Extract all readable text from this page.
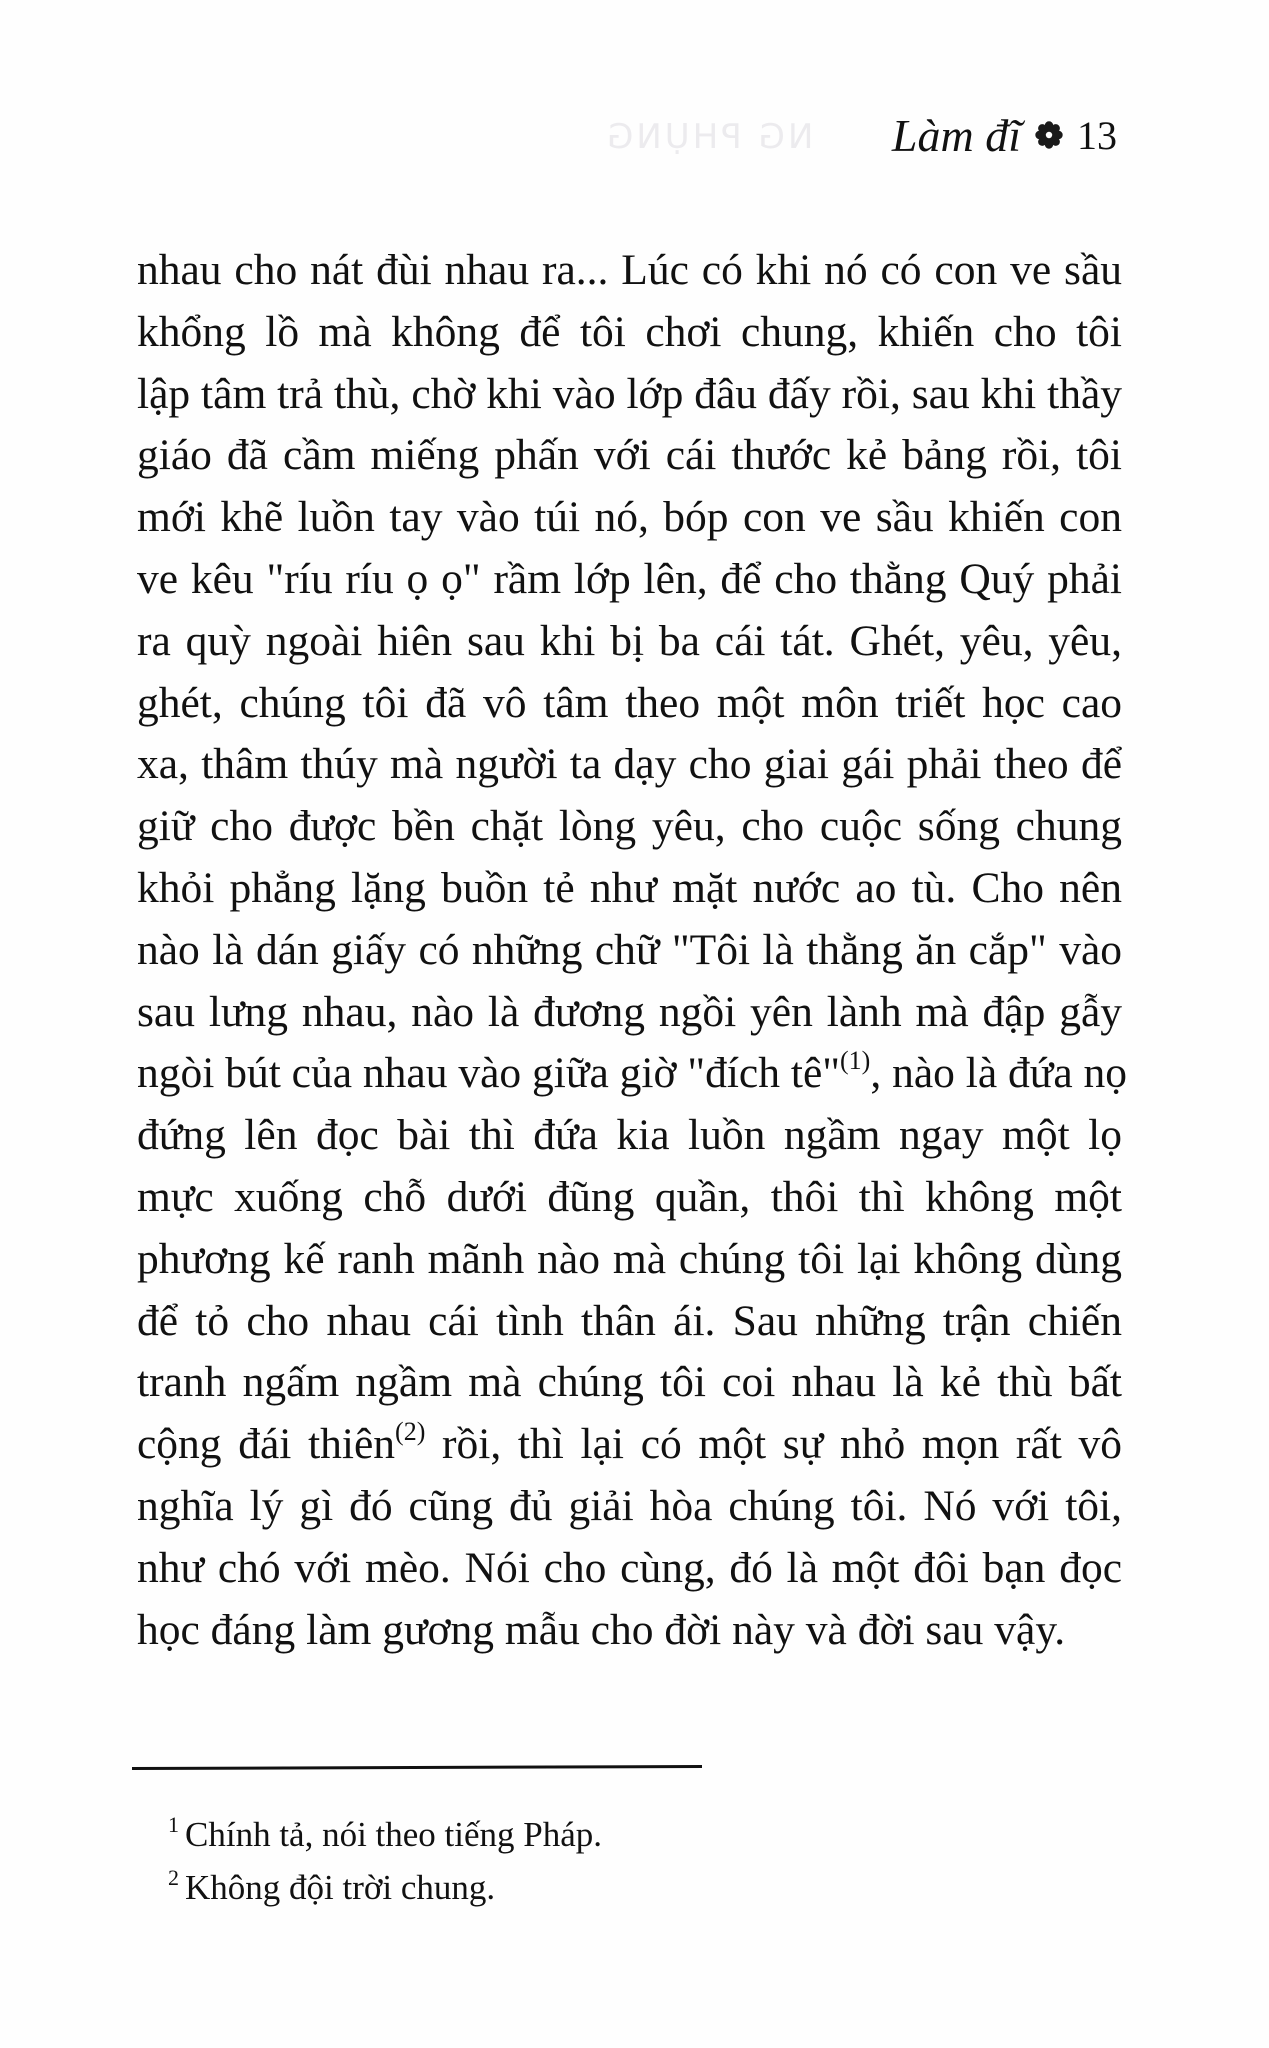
NG PHỤNG Làm đĩ 13
nhau cho nát đùi nhau ra... Lúc có khi nó có con ve sầu
khổng lồ mà không để tôi chơi chung, khiến cho tôi
lập tâm trả thù, chờ khi vào lớp đâu đấy rồi, sau khi thầy
giáo đã cầm miếng phấn với cái thước kẻ bảng rồi, tôi
mới khẽ luồn tay vào túi nó, bóp con ve sầu khiến con
ve kêu "ríu ríu ọ ọ" rầm lớp lên, để cho thằng Quý phải
ra quỳ ngoài hiên sau khi bị ba cái tát. Ghét, yêu, yêu,
ghét, chúng tôi đã vô tâm theo một môn triết học cao
xa, thâm thúy mà người ta dạy cho giai gái phải theo để
giữ cho được bền chặt lòng yêu, cho cuộc sống chung
khỏi phẳng lặng buồn tẻ như mặt nước ao tù. Cho nên
nào là dán giấy có những chữ "Tôi là thằng ăn cắp" vào
sau lưng nhau, nào là đương ngồi yên lành mà đập gẫy
ngòi bút của nhau vào giữa giờ "đích tê"$^{(1)}$, nào là đứa nọ
đứng lên đọc bài thì đứa kia luồn ngầm ngay một lọ
mực xuống chỗ dưới đũng quần, thôi thì không một
phương kế ranh mãnh nào mà chúng tôi lại không dùng
để tỏ cho nhau cái tình thân ái. Sau những trận chiến
tranh ngấm ngầm mà chúng tôi coi nhau là kẻ thù bất
cộng đái thiên$^{(2)}$ rồi, thì lại có một sự nhỏ mọn rất vô
nghĩa lý gì đó cũng đủ giải hòa chúng tôi. Nó với tôi,
như chó với mèo. Nói cho cùng, đó là một đôi bạn đọc
học đáng làm gương mẫu cho đời này và đời sau vậy.
$^1$ Chính tả, nói theo tiếng Pháp.
$^2$ Không đội trời chung.
